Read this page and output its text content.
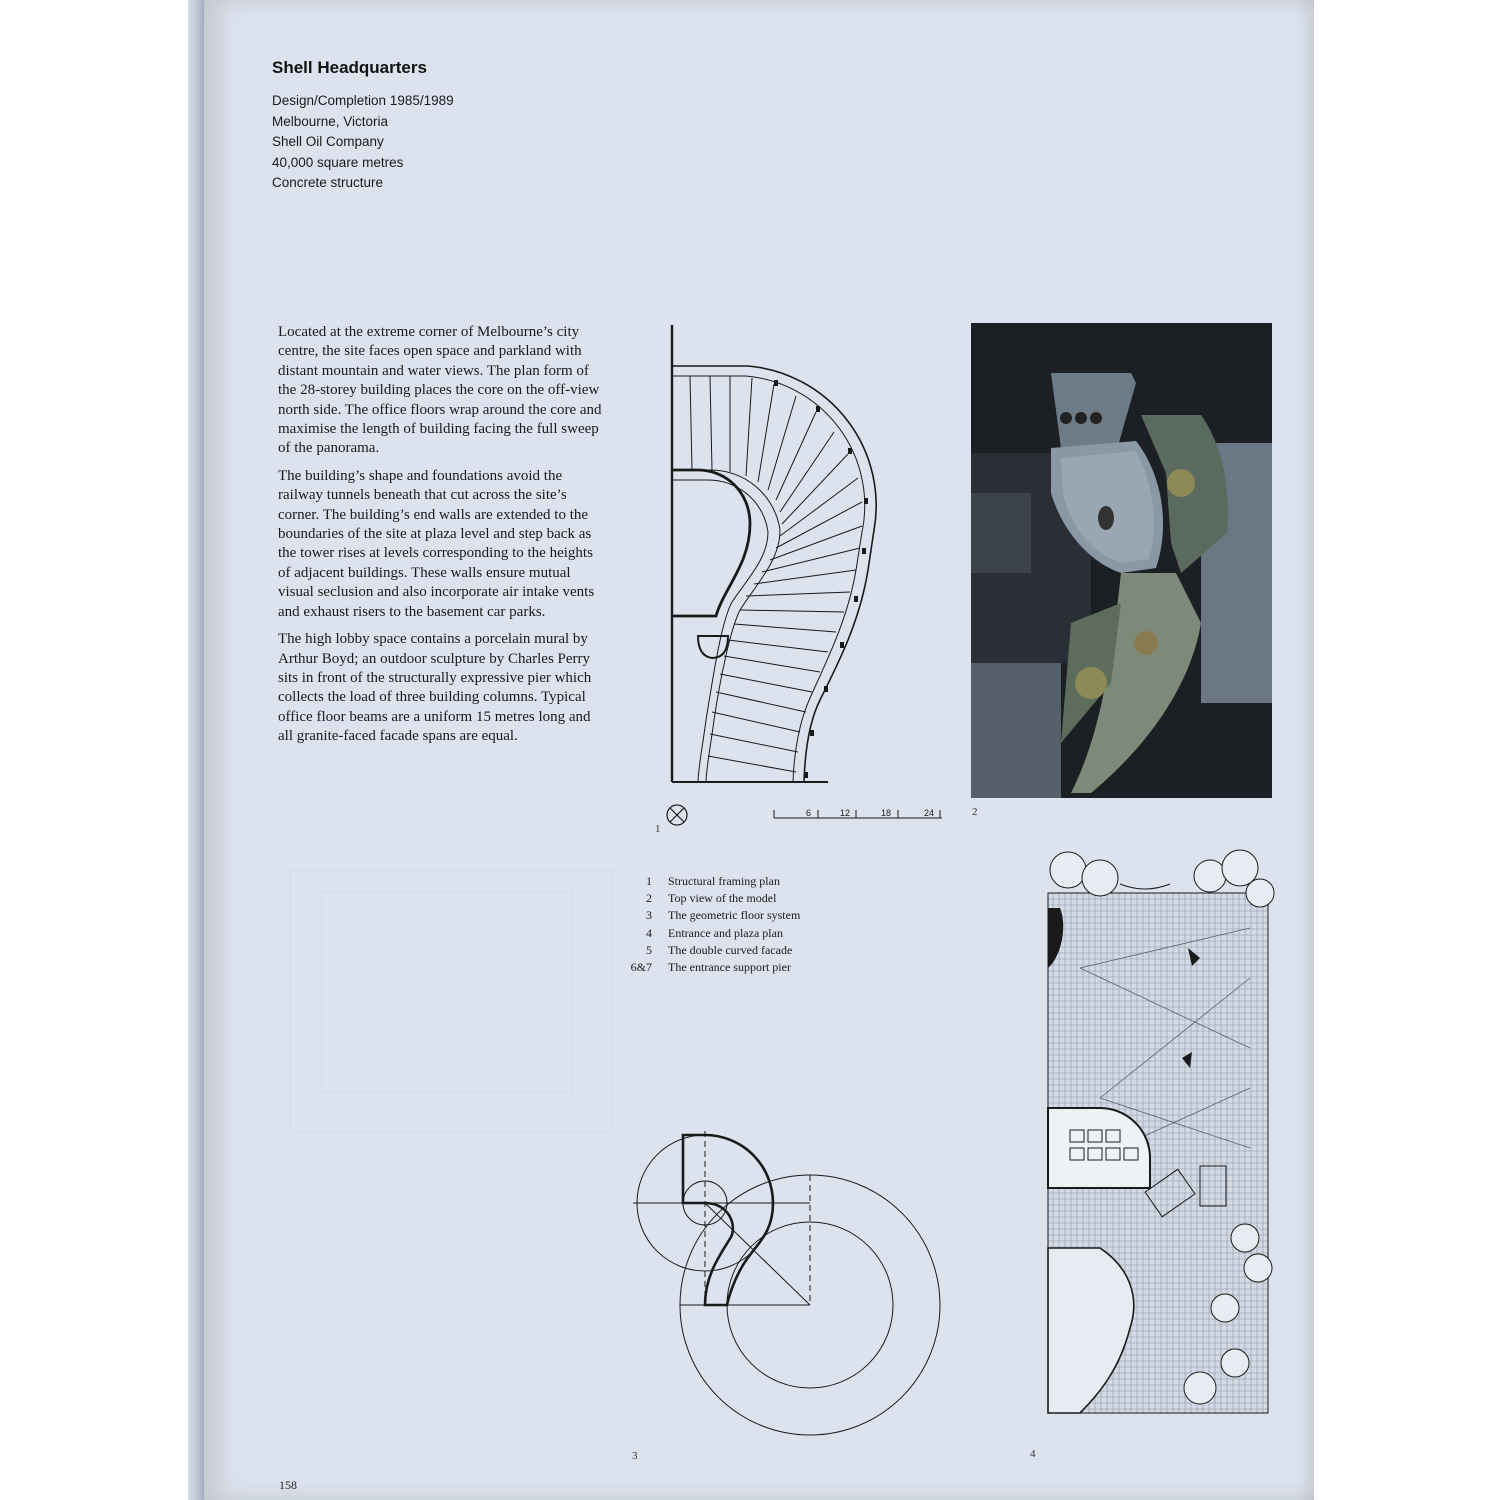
Shell Headquarters
Design/Completion 1985/1989
Melbourne, Victoria
Shell Oil Company
40,000 square metres
Concrete structure

Located at the extreme corner of Melbourne’s city centre, the site faces open space and parkland with distant mountain and water views. The plan form of the 28-storey building places the core on the off-view north side. The office floors wrap around the core and maximise the length of building facing the full sweep of the panorama.

The building’s shape and foundations avoid the railway tunnels beneath that cut across the site’s corner. The building’s end walls are extended to the boundaries of the site at plaza level and step back as the tower rises at levels corresponding to the heights of adjacent buildings. These walls ensure mutual visual seclusion and also incorporate air intake vents and exhaust risers to the basement car parks.

The high lobby space contains a porcelain mural by Arthur Boyd; an outdoor sculpture by Charles Perry sits in front of the structurally expressive pier which collects the load of three building columns. Typical office floor beams are a uniform 15 metres long and all granite-faced facade spans are equal.

6	12	18	24
1
2
1 Structural framing plan
2 Top view of the model
3 The geometric floor system
4 Entrance and plaza plan
5 The double curved facade
6&7 The entrance support pier
3	4
158
